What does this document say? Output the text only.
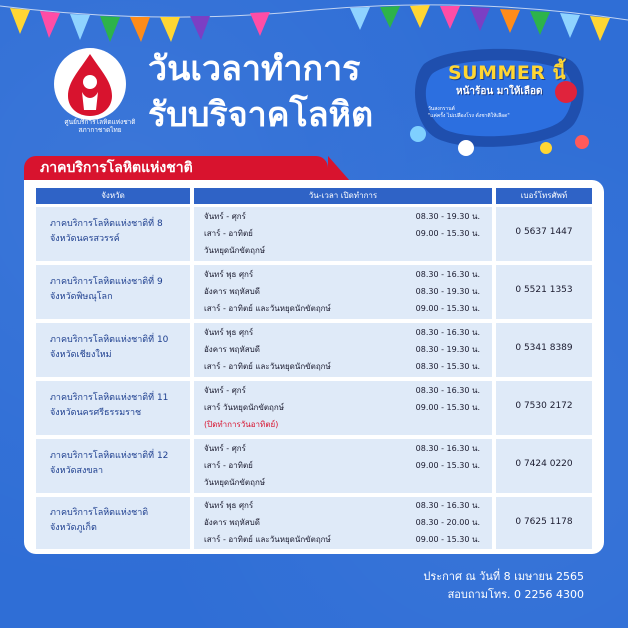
ศูนย์บริการโลหิตแห่งชาติ
สภากาชาดไทย
วันเวลาทำการ
รับบริจาคโลหิต
SUMMER นี้
หน้าร้อน มาให้เลือด
วันสงกรานต์
"แค่ครั้ง ไม่เปลืองโรง ดั่งชาติให้เลือด"
ภาคบริการโลหิตแห่งชาติ
จังหวัด	วัน-เวลา เปิดทำการ	เบอร์โทรศัพท์
ภาคบริการโลหิตแห่งชาติที่ 8
จังหวัดนครสวรรค์
จันทร์ - ศุกร์	08.30 - 19.30 น.
เสาร์ - อาทิตย์	09.00 - 15.30 น.
วันหยุดนักขัตฤกษ์
0 5637 1447
ภาคบริการโลหิตแห่งชาติที่ 9
จังหวัดพิษณุโลก
จันทร์ พุธ ศุกร์	08.30 - 16.30 น.
อังคาร พฤหัสบดี	08.30 - 19.30 น.
เสาร์ - อาทิตย์ และวันหยุดนักขัตฤกษ์	09.00 - 15.30 น.
0 5521 1353
ภาคบริการโลหิตแห่งชาติที่ 10
จังหวัดเชียงใหม่
จันทร์ พุธ ศุกร์	08.30 - 16.30 น.
อังคาร พฤหัสบดี	08.30 - 19.30 น.
เสาร์ - อาทิตย์ และวันหยุดนักขัตฤกษ์	08.30 - 15.30 น.
0 5341 8389
ภาคบริการโลหิตแห่งชาติที่ 11
จังหวัดนครศรีธรรมราช
จันทร์ - ศุกร์	08.30 - 16.30 น.
เสาร์ วันหยุดนักขัตฤกษ์	09.00 - 15.30 น.
(ปิดทำการวันอาทิตย์)
0 7530 2172
ภาคบริการโลหิตแห่งชาติที่ 12
จังหวัดสงขลา
จันทร์ - ศุกร์	08.30 - 16.30 น.
เสาร์ - อาทิตย์	09.00 - 15.30 น.
วันหยุดนักขัตฤกษ์
0 7424 0220
ภาคบริการโลหิตแห่งชาติ
จังหวัดภูเก็ต
จันทร์ พุธ ศุกร์	08.30 - 16.30 น.
อังคาร พฤหัสบดี	08.30 - 20.00 น.
เสาร์ - อาทิตย์ และวันหยุดนักขัตฤกษ์	09.00 - 15.30 น.
0 7625 1178
ประกาศ ณ วันที่ 8 เมษายน 2565
สอบถามโทร. 0 2256 4300
